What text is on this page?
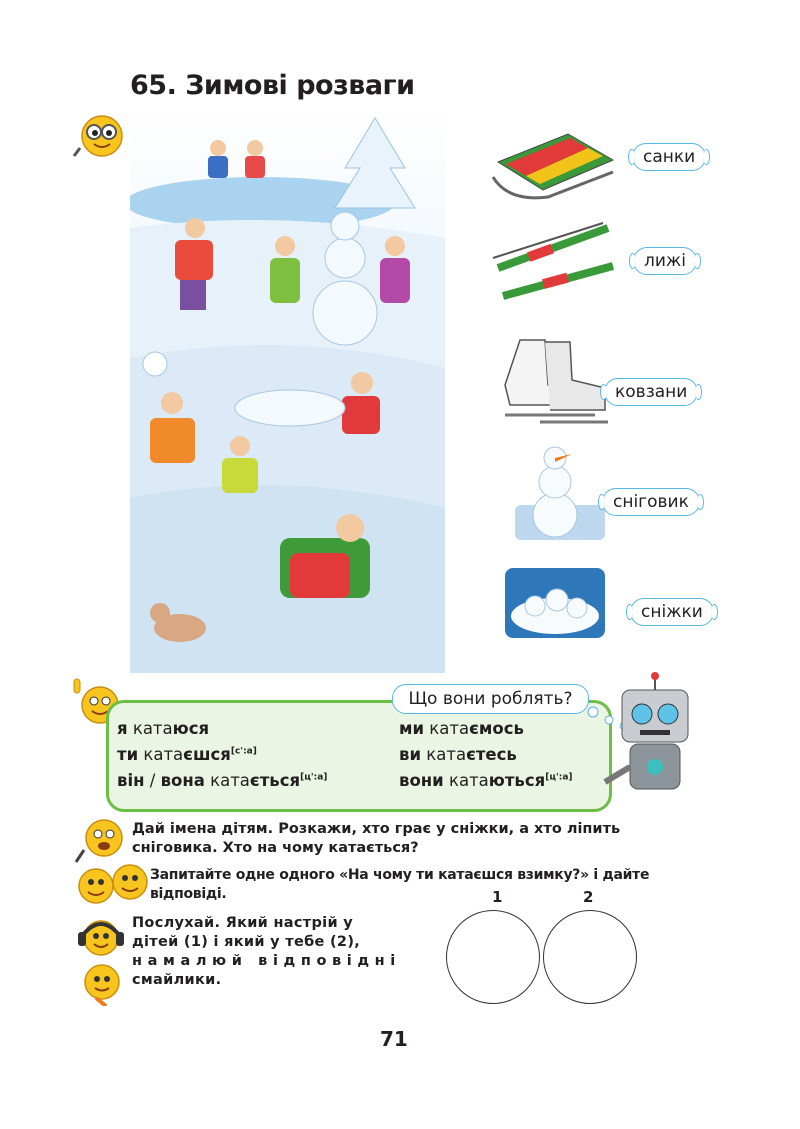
65. Зимові розваги
санки
лижі
ковзани
сніговик
сніжки
я катаюся
ти катаєшся[с':а]
він / вона катається[ц':а]
ми катаємось
ви катаєтесь
вони катаються[ц':а]
Що вони роблять?
Дай імена дітям. Розкажи, хто грає у сніжки, а хто ліпить
сніговика. Хто на чому катається?
Запитайте одне одного «На чому ти катаєшся взимку?» і дайте
відповіді.
Послухай. Який настрій у
дітей (1) і який у тебе (2),
намалюй відповідні
смайлики.
1	2
71
